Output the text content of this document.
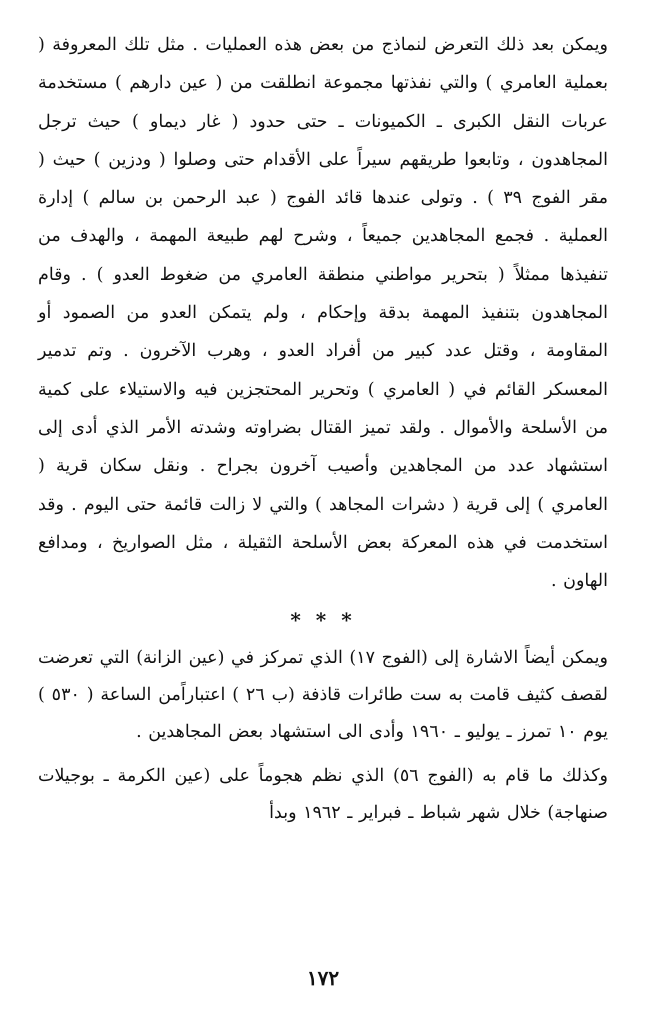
ويمكن بعد ذلك التعرض لنماذج من بعض هذه العمليات . مثل تلك المعروفة ( بعملية العامري ) والتي نفذتها مجموعة انطلقت من ( عين دارهم ) مستخدمة عربات النقل الكبرى ـ الكميونات ـ حتى حدود ( غار ديماو ) حيث ترجل المجاهدون ، وتابعوا طريقهم سيراً على الأقدام حتى وصلوا ( ودزين ) حيث ( مقر الفوج ٣٩ ) . وتولى عندها قائد الفوج ( عبد الرحمن بن سالم ) إدارة العملية . فجمع المجاهدين جميعاً ، وشرح لهم طبيعة المهمة ، والهدف من تنفيذها ممثلاً ( بتحرير مواطني منطقة العامري من ضغوط العدو ) . وقام المجاهدون بتنفيذ المهمة بدقة وإحكام ، ولم يتمكن العدو من الصمود أو المقاومة ، وقتل عدد كبير من أفراد العدو ، وهرب الآخرون . وتم تدمير المعسكر القائم في ( العامري ) وتحرير المحتجزين فيه والاستيلاء على كمية من الأسلحة والأموال . ولقد تميز القتال بضراوته وشدته الأمر الذي أدى إلى استشهاد عدد من المجاهدين وأصيب آخرون بجراح . ونقل سكان قرية ( العامري ) إلى قرية ( دشرات المجاهد ) والتي لا زالت قائمة حتى اليوم . وقد استخدمت في هذه المعركة بعض الأسلحة الثقيلة ، مثل الصواريخ ، ومدافع الهاون .

* * *

ويمكن أيضاً الاشارة إلى (الفوج ١٧) الذي تمركز في (عين الزانة) التي تعرضت لقصف كثيف قامت به ست طائرات قاذفة (ب ٢٦ ) اعتباراًمن الساعة ( ٥٣٠ ) يوم ١٠ تمرز ـ يوليو ـ ١٩٦٠ وأدى الى استشهاد بعض المجاهدين .

وكذلك ما قام به (الفوج ٥٦) الذي نظم هجوماً على (عين الكرمة ـ بوجيلات صنهاجة) خلال شهر شباط ـ فبراير ـ ١٩٦٢ وبدأ

١٧٢
